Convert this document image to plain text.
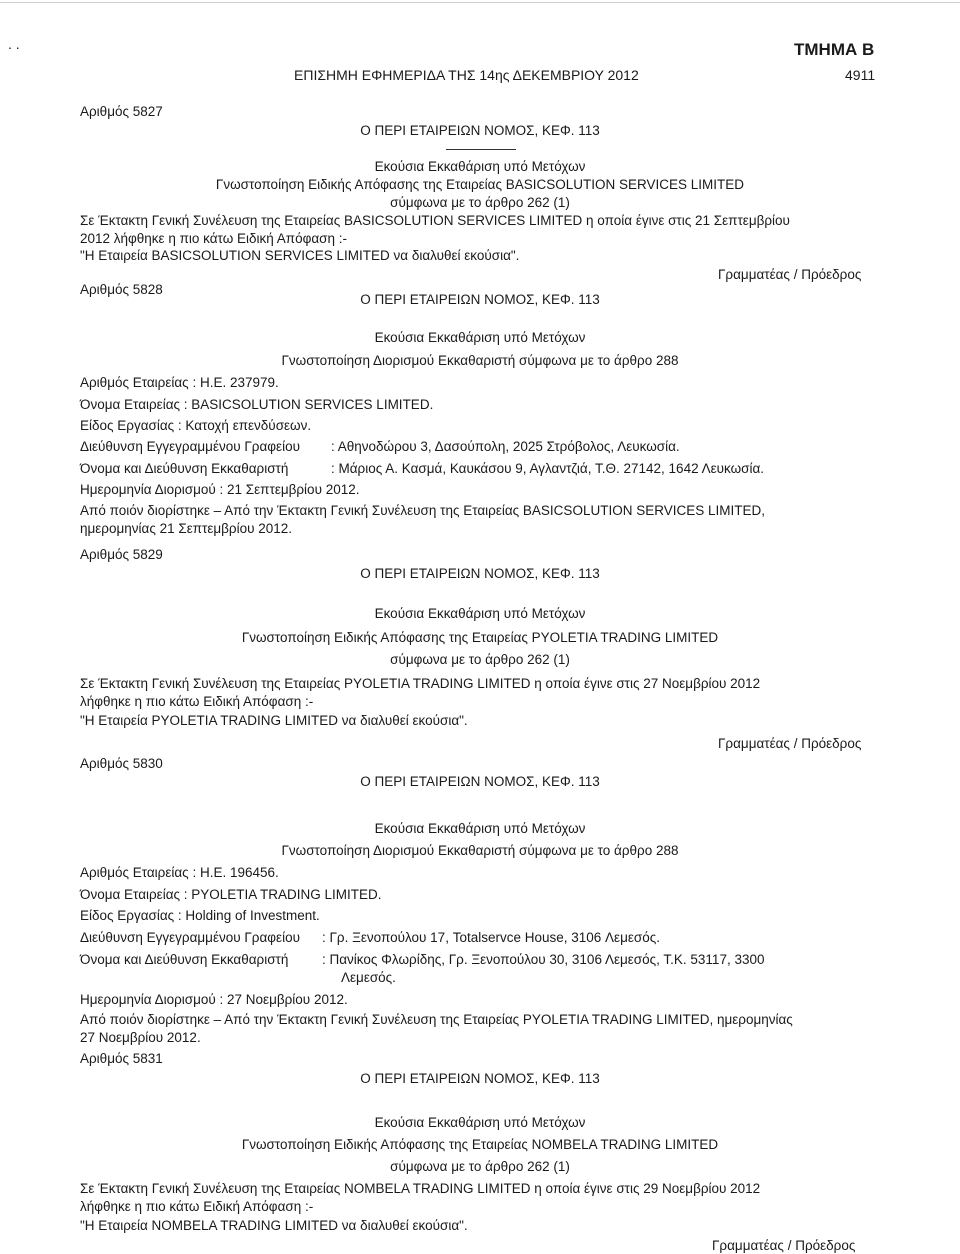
. .	ΤΜΗΜΑ Β
ΕΠΙΣΗΜΗ ΕΦΗΜΕΡΙΔΑ ΤΗΣ 14ης ΔΕΚΕΜΒΡΙΟΥ 2012	4911
Αριθμός 5827
Ο ΠΕΡΙ ΕΤΑΙΡΕΙΩΝ ΝΟΜΟΣ, ΚΕΦ. 113
Εκούσια Εκκαθάριση υπό Μετόχων
Γνωστοποίηση Ειδικής Απόφασης της Εταιρείας BASICSOLUTION SERVICES LIMITED
σύμφωνα με το άρθρο 262 (1)
Σε Έκτακτη Γενική Συνέλευση της Εταιρείας BASICSOLUTION SERVICES LIMITED η οποία έγινε στις 21 Σεπτεμβρίου
2012 λήφθηκε η πιο κάτω Ειδική Απόφαση :-
"Η Εταιρεία BASICSOLUTION SERVICES LIMITED να διαλυθεί εκούσια".
Γραμματέας / Πρόεδρος
Αριθμός 5828
Ο ΠΕΡΙ ΕΤΑΙΡΕΙΩΝ ΝΟΜΟΣ, ΚΕΦ. 113
Εκούσια Εκκαθάριση υπό Μετόχων
Γνωστοποίηση Διορισμού Εκκαθαριστή σύμφωνα με το άρθρο 288
Αριθμός Εταιρείας : Η.Ε. 237979.
Όνομα Εταιρείας : BASICSOLUTION SERVICES LIMITED.
Είδος Εργασίας : Κατοχή επενδύσεων.
Διεύθυνση Εγγεγραμμένου Γραφείου : Αθηνοδώρου 3, Δασούπολη, 2025 Στρόβολος, Λευκωσία.
Όνομα και Διεύθυνση Εκκαθαριστή	: Μάριος Α. Κασμά, Καυκάσου 9, Αγλαντζιά, Τ.Θ. 27142, 1642 Λευκωσία.
Ημερομηνία Διορισμού : 21 Σεπτεμβρίου 2012.
Από ποιόν διορίστηκε – Από την Έκτακτη Γενική Συνέλευση της Εταιρείας BASICSOLUTION SERVICES LIMITED,
ημερομηνίας 21 Σεπτεμβρίου 2012.
Αριθμός 5829
Ο ΠΕΡΙ ΕΤΑΙΡΕΙΩΝ ΝΟΜΟΣ, ΚΕΦ. 113
Εκούσια Εκκαθάριση υπό Μετόχων
Γνωστοποίηση Ειδικής Απόφασης της Εταιρείας PYOLETIA TRADING LIMITED
σύμφωνα με το άρθρο 262 (1)
Σε Έκτακτη Γενική Συνέλευση της Εταιρείας PYOLETIA TRADING LIMITED η οποία έγινε στις 27 Νοεμβρίου 2012
λήφθηκε η πιο κάτω Ειδική Απόφαση :-
"Η Εταιρεία PYOLETIA TRADING LIMITED να διαλυθεί εκούσια".
Γραμματέας / Πρόεδρος
Αριθμός 5830
Ο ΠΕΡΙ ΕΤΑΙΡΕΙΩΝ ΝΟΜΟΣ, ΚΕΦ. 113
Εκούσια Εκκαθάριση υπό Μετόχων
Γνωστοποίηση Διορισμού Εκκαθαριστή σύμφωνα με το άρθρο 288
Αριθμός Εταιρείας : Η.Ε. 196456.
Όνομα Εταιρείας : PYOLETIA TRADING LIMITED.
Είδος Εργασίας : Holding of Investment.
Διεύθυνση Εγγεγραμμένου Γραφείου : Γρ. Ξενοπούλου 17, Totalservce House, 3106 Λεμεσός.
Όνομα και Διεύθυνση Εκκαθαριστή : Πανίκος Φλωρίδης, Γρ. Ξενοπούλου 30, 3106 Λεμεσός, Τ.Κ. 53117, 3300
Λεμεσός.
Ημερομηνία Διορισμού : 27 Νοεμβρίου 2012.
Από ποιόν διορίστηκε – Από την Έκτακτη Γενική Συνέλευση της Εταιρείας PYOLETIA TRADING LIMITED, ημερομηνίας
27 Νοεμβρίου 2012.
Αριθμός 5831
Ο ΠΕΡΙ ΕΤΑΙΡΕΙΩΝ ΝΟΜΟΣ, ΚΕΦ. 113
Εκούσια Εκκαθάριση υπό Μετόχων
Γνωστοποίηση Ειδικής Απόφασης της Εταιρείας NOMBELA TRADING LIMITED
σύμφωνα με το άρθρο 262 (1)
Σε Έκτακτη Γενική Συνέλευση της Εταιρείας NOMBELA TRADING LIMITED η οποία έγινε στις 29 Νοεμβρίου 2012
λήφθηκε η πιο κάτω Ειδική Απόφαση :-
"Η Εταιρεία NOMBELA TRADING LIMITED να διαλυθεί εκούσια".
Γραμματέας / Πρόεδρος
